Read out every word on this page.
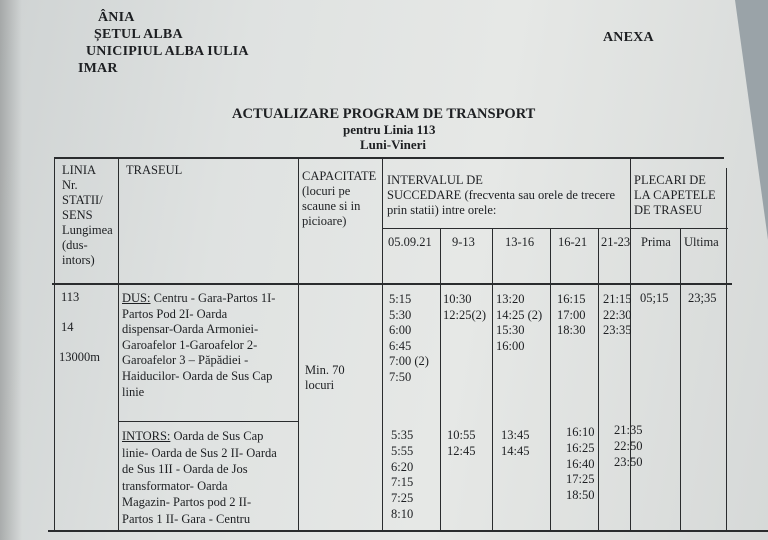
ÂNIA
ȘETUL ALBA
UNICIPIUL ALBA IULIA
IMAR
ANEXA
ACTUALIZARE PROGRAM DE TRANSPORT
pentru Linia 113
Luni-Vineri
LINIA
Nr.
STATII/
SENS
Lungimea
(dus-
intors)
TRASEUL	CAPACITATE
(locuri pe
scaune si in
picioare)
INTERVALUL DE
SUCCEDARE (frecventa sau orele de trecere
prin statii) intre orele:
PLECARI DE
LA CAPETELE
DE TRASEU
05.09.21 9-13 13-16 16-21 21-23 Prima Ultima
113
14
13000m
Min. 70
locuri
05;15 23;35
DUS: Centru - Gara-Partos 1I-
Partos Pod 2I- Oarda
dispensar-Oarda Armoniei-
Garoafelor 1-Garoafelor 2-
Garoafelor 3 – Păpădiei -
Haiducilor- Oarda de Sus Cap
linie
5:15
5:30
6:00
6:45
7:00 (2)
7:50
10:30
12:25(2)
13:20
14:25 (2)
15:30
16:00
16:15
17:00
18:30
21:15
22:30
23:35
INTORS: Oarda de Sus Cap
linie- Oarda de Sus 2 II- Oarda
de Sus 1II - Oarda de Jos
transformator- Oarda
Magazin- Partos pod 2 II-
Partos 1 II- Gara - Centru
5:35
5:55
6:20
7:15
7:25
8:10
10:55
12:45
13:45
14:45
16:10
16:25
16:40
17:25
18:50
21:35
22:50
23:50
